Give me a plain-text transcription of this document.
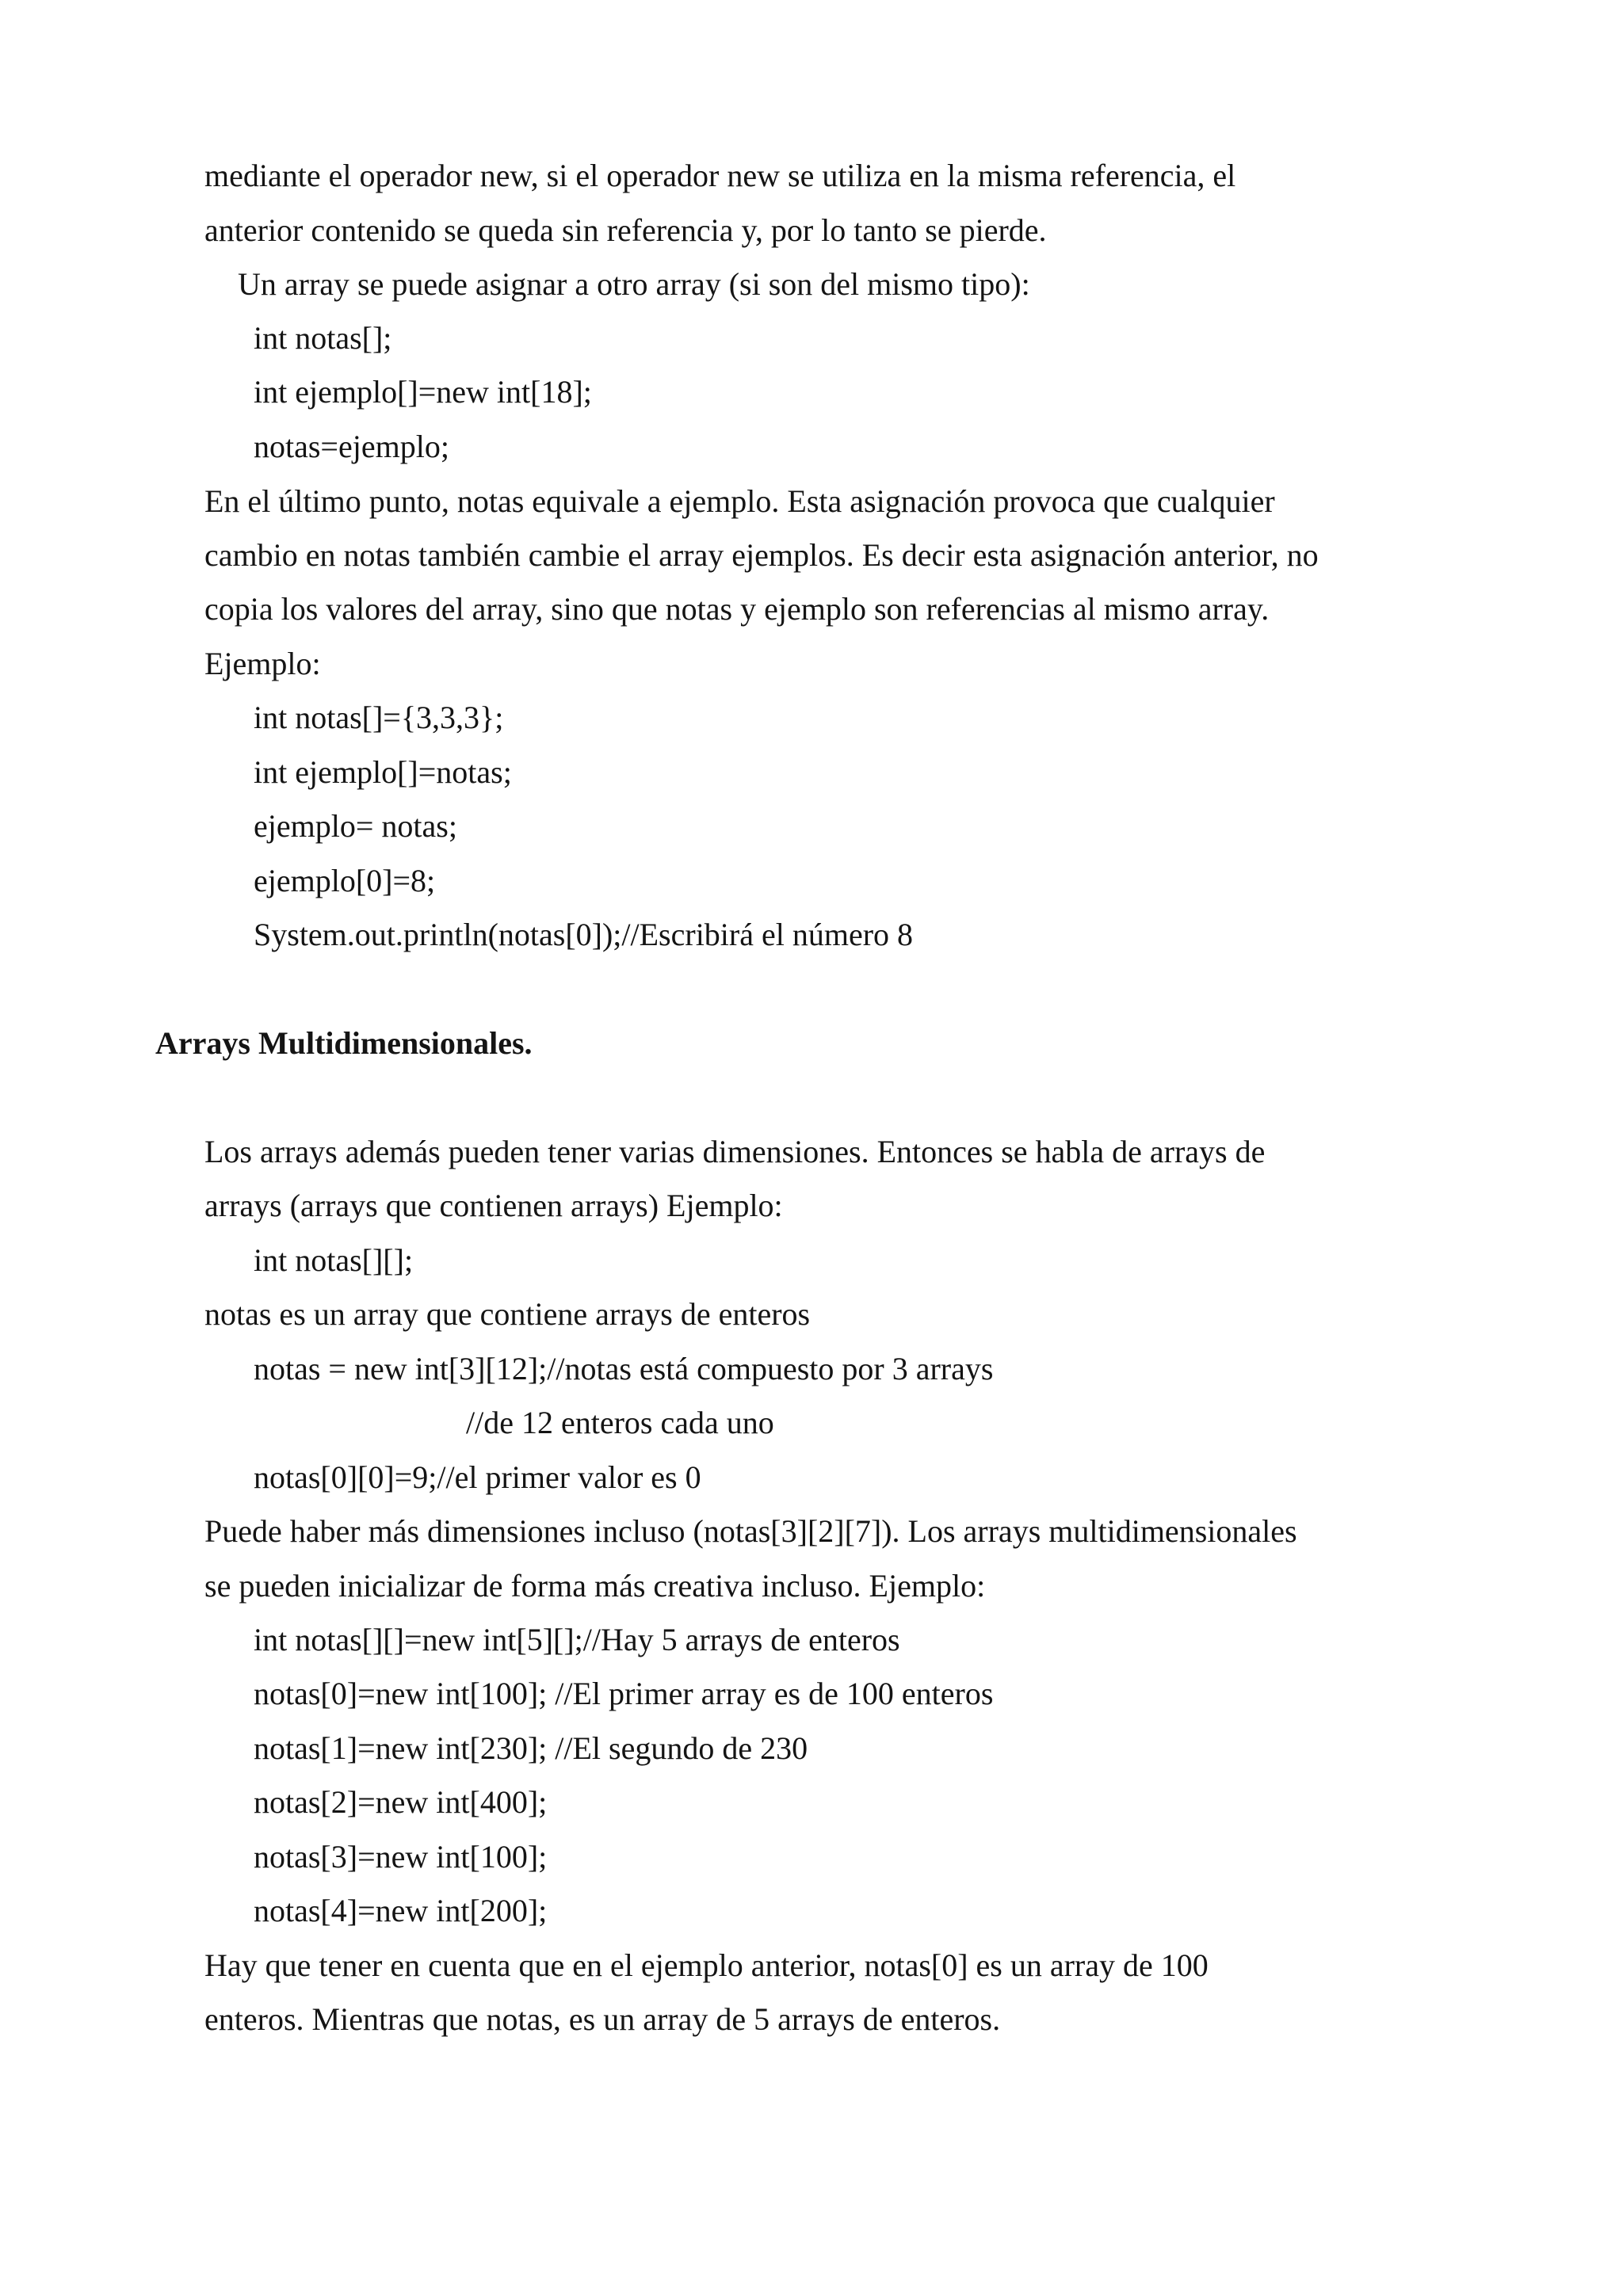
mediante el operador new, si el operador new se utiliza en la misma referencia, el
anterior contenido se queda sin referencia y, por lo tanto se pierde.
Un array se puede asignar a otro array (si son del mismo tipo):
int notas[];
int ejemplo[]=new int[18];
notas=ejemplo;
En el último punto, notas equivale a ejemplo. Esta asignación provoca que cualquier
cambio en notas también cambie el array ejemplos. Es decir esta asignación anterior, no
copia los valores del array, sino que notas y ejemplo son referencias al mismo array.
Ejemplo:
int notas[]={3,3,3};
int ejemplo[]=notas;
ejemplo= notas;
ejemplo[0]=8;
System.out.println(notas[0]);//Escribirá el número 8
Arrays Multidimensionales.
Los arrays además pueden tener varias dimensiones. Entonces se habla de arrays de
arrays (arrays que contienen arrays) Ejemplo:
int notas[][];
notas es un array que contiene arrays de enteros
notas = new int[3][12];//notas está compuesto por 3 arrays
//de 12 enteros cada uno
notas[0][0]=9;//el primer valor es 0
Puede haber más dimensiones incluso (notas[3][2][7]). Los arrays multidimensionales
se pueden inicializar de forma más creativa incluso. Ejemplo:
int notas[][]=new int[5][];//Hay 5 arrays de enteros
notas[0]=new int[100]; //El primer array es de 100 enteros
notas[1]=new int[230]; //El segundo de 230
notas[2]=new int[400];
notas[3]=new int[100];
notas[4]=new int[200];
Hay que tener en cuenta que en el ejemplo anterior, notas[0] es un array de 100
enteros. Mientras que notas, es un array de 5 arrays de enteros.
